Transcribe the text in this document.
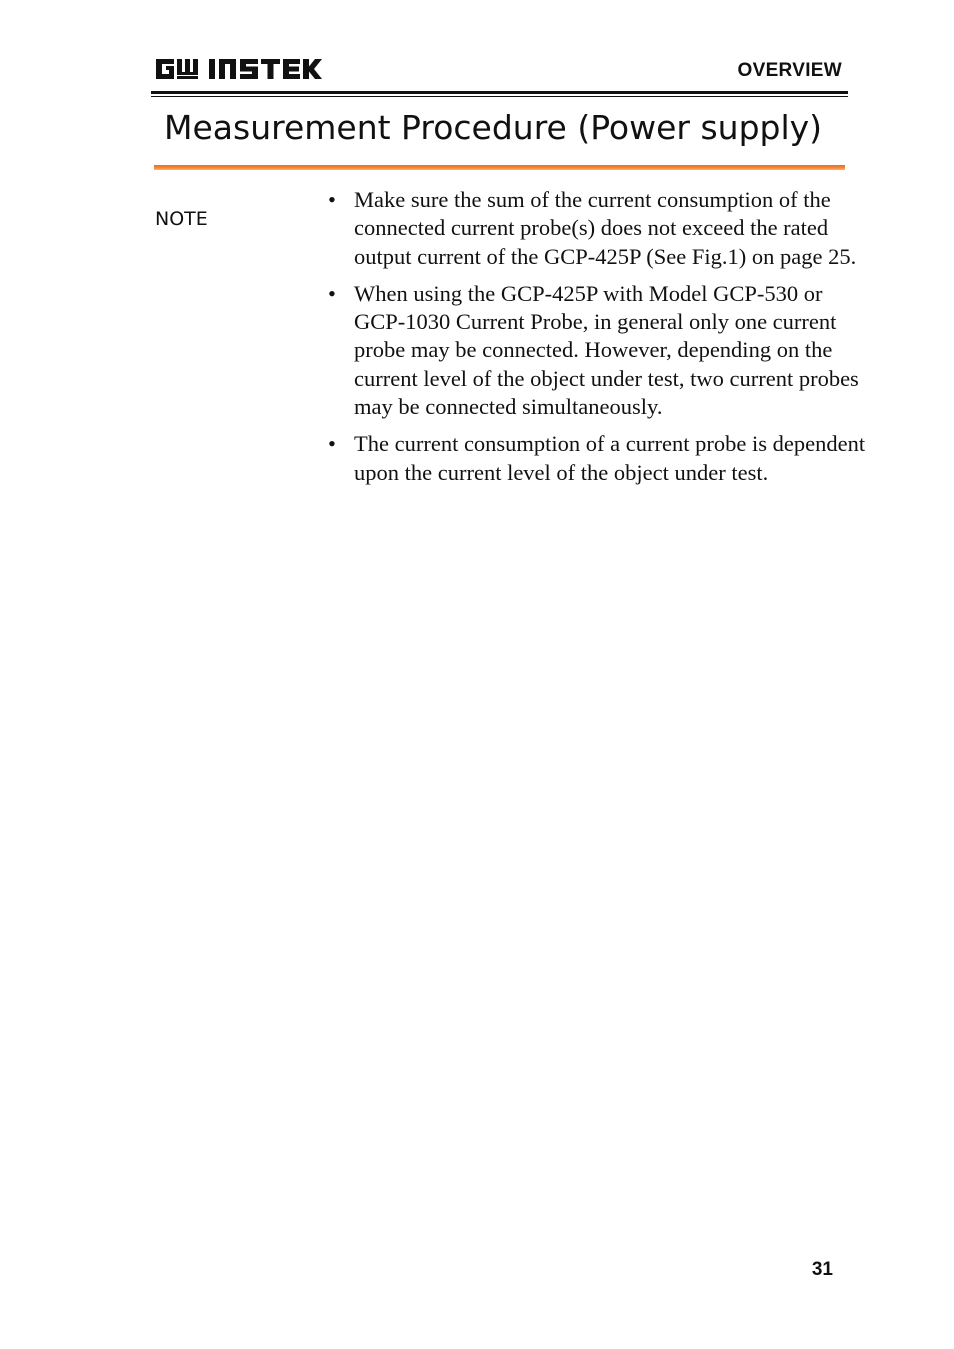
OVERVIEW
Measurement Procedure (Power supply)
NOTE
• Make sure the sum of the current consumption of the connected current probe(s) does not exceed the rated output current of the GCP-425P (See Fig.1) on page 25.
• When using the GCP-425P with Model GCP-530 or GCP-1030 Current Probe, in general only one current probe may be connected. However, depending on the current level of the object under test, two current probes may be connected simultaneously.
• The current consumption of a current probe is dependent upon the current level of the object under test.
31
